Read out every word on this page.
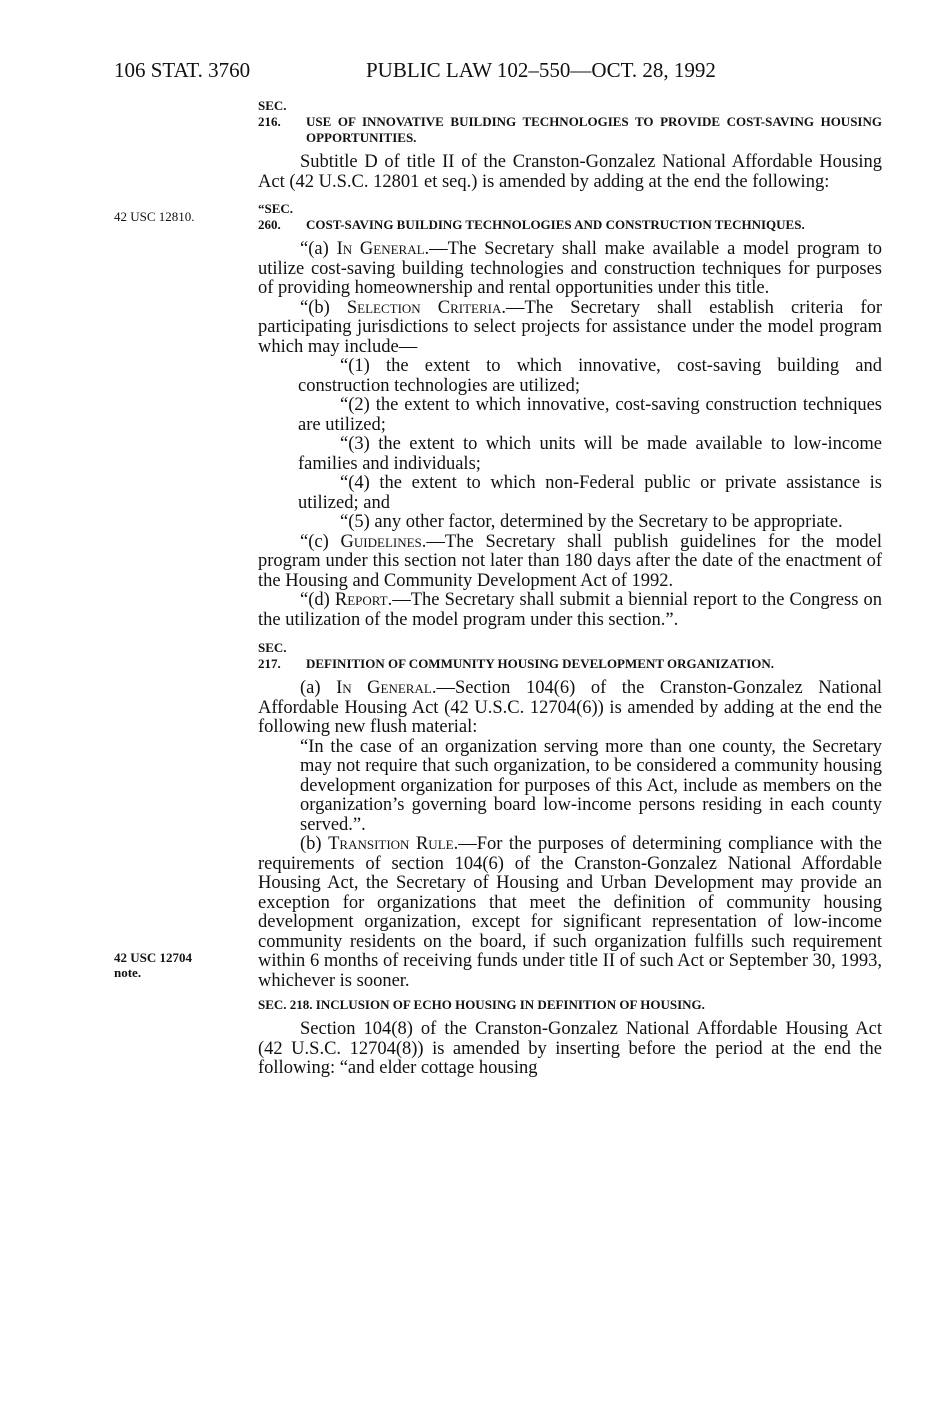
106 STAT. 3760	PUBLIC LAW 102–550—OCT. 28, 1992
42 USC 12810.
42 USC 12704
note.
SEC. 216. USE OF INNOVATIVE BUILDING TECHNOLOGIES TO PROVIDE COST-SAVING HOUSING OPPORTUNITIES.

Subtitle D of title II of the Cranston-Gonzalez National Affordable Housing Act (42 U.S.C. 12801 et seq.) is amended by adding at the end the following:

“SEC. 260. COST-SAVING BUILDING TECHNOLOGIES AND CONSTRUCTION TECHNIQUES.

“(a) In General.—The Secretary shall make available a model program to utilize cost-saving building technologies and construction techniques for purposes of providing homeownership and rental opportunities under this title.

“(b) Selection Criteria.—The Secretary shall establish criteria for participating jurisdictions to select projects for assistance under the model program which may include—

“(1) the extent to which innovative, cost-saving building and construction technologies are utilized;

“(2) the extent to which innovative, cost-saving construction techniques are utilized;

“(3) the extent to which units will be made available to low-income families and individuals;

“(4) the extent to which non-Federal public or private assistance is utilized; and

“(5) any other factor, determined by the Secretary to be appropriate.

“(c) Guidelines.—The Secretary shall publish guidelines for the model program under this section not later than 180 days after the date of the enactment of the Housing and Community Development Act of 1992.

“(d) Report.—The Secretary shall submit a biennial report to the Congress on the utilization of the model program under this section.”.

SEC. 217. DEFINITION OF COMMUNITY HOUSING DEVELOPMENT ORGANIZATION.

(a) In General.—Section 104(6) of the Cranston-Gonzalez National Affordable Housing Act (42 U.S.C. 12704(6)) is amended by adding at the end the following new flush material:

“In the case of an organization serving more than one county, the Secretary may not require that such organization, to be considered a community housing development organization for purposes of this Act, include as members on the organization’s governing board low-income persons residing in each county served.”.

(b) Transition Rule.—For the purposes of determining compliance with the requirements of section 104(6) of the Cranston-Gonzalez National Affordable Housing Act, the Secretary of Housing and Urban Development may provide an exception for organizations that meet the definition of community housing development organization, except for significant representation of low-income community residents on the board, if such organization fulfills such requirement within 6 months of receiving funds under title II of such Act or September 30, 1993, whichever is sooner.

SEC. 218. INCLUSION OF ECHO HOUSING IN DEFINITION OF HOUSING.

Section 104(8) of the Cranston-Gonzalez National Affordable Housing Act (42 U.S.C. 12704(8)) is amended by inserting before the period at the end the following: “and elder cottage housing
